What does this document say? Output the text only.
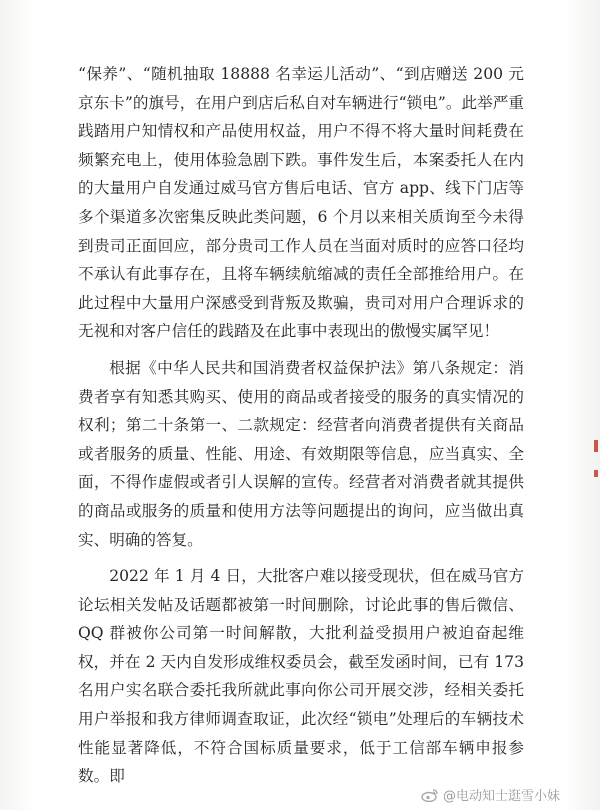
“保养”、“随机抽取 18888 名幸运儿活动”、“到店赠送 200 元京东卡”的旗号，在用户到店后私自对车辆进行“锁电”。此举严重践踏用户知情权和产品使用权益，用户不得不将大量时间耗费在频繁充电上，使用体验急剧下跌。事件发生后，本案委托人在内的大量用户自发通过威马官方售后电话、官方 app、线下门店等多个渠道多次密集反映此类问题，6 个月以来相关质询至今未得到贵司正面回应，部分贵司工作人员在当面对质时的应答口径均不承认有此事存在，且将车辆续航缩减的责任全部推给用户。在此过程中大量用户深感受到背叛及欺骗，贵司对用户合理诉求的无视和对客户信任的践踏及在此事中表现出的傲慢实属罕见！

根据《中华人民共和国消费者权益保护法》第八条规定：消费者享有知悉其购买、使用的商品或者接受的服务的真实情况的权利；第二十条第一、二款规定：经营者向消费者提供有关商品或者服务的质量、性能、用途、有效期限等信息，应当真实、全面，不得作虚假或者引人误解的宣传。经营者对消费者就其提供的商品或服务的质量和使用方法等问题提出的询问，应当做出真实、明确的答复。

2022 年 1 月 4 日，大批客户难以接受现状，但在威马官方论坛相关发帖及话题都被第一时间删除，讨论此事的售后微信、QQ 群被你公司第一时间解散，大批利益受损用户被迫奋起维权，并在 2 天内自发形成维权委员会，截至发函时间，已有 173 名用户实名联合委托我所就此事向你公司开展交涉，经相关委托用户举报和我方律师调查取证，此次经“锁电”处理后的车辆技术性能显著降低，不符合国标质量要求，低于工信部车辆申报参数。即

@电动知士逛雪小妹
